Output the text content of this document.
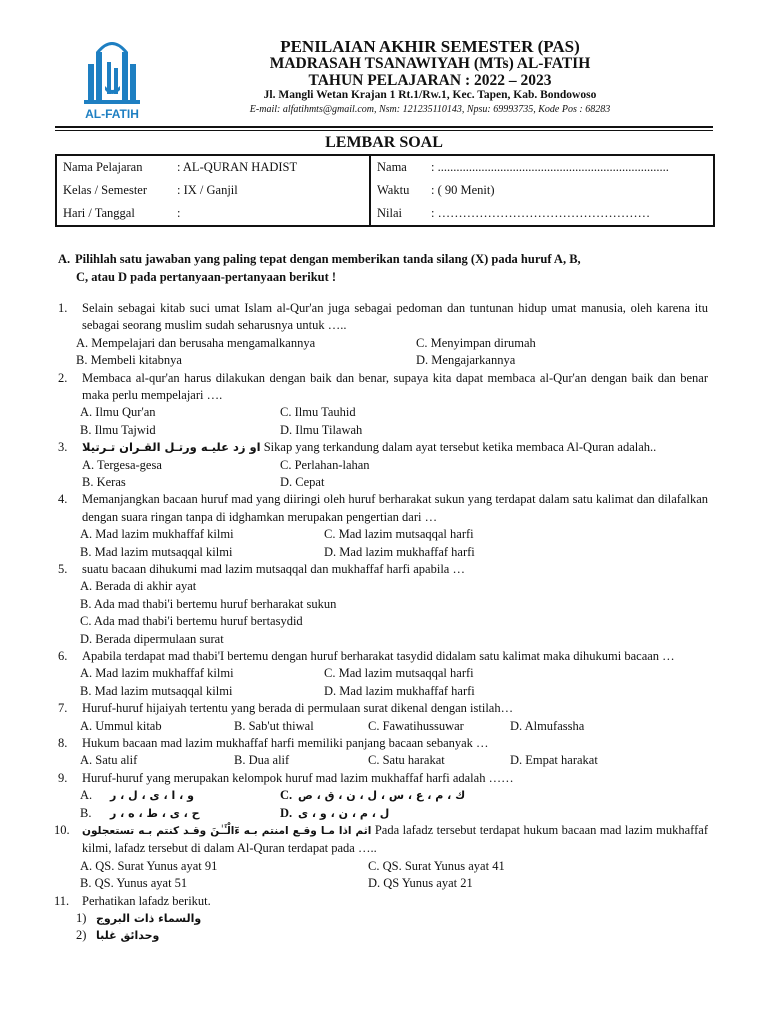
AL-FATIH
PENILAIAN AKHIR SEMESTER (PAS)
MADRASAH TSANAWIYAH (MTs) AL-FATIH
TAHUN PELAJARAN : 2022 – 2023
Jl. Mangli Wetan Krajan 1 Rt.1/Rw.1, Kec. Tapen, Kab. Bondowoso
E-mail: alfatihmts@gmail.com, Nsm: 121235110143, Npsu: 69993735, Kode Pos : 68283
LEMBAR SOAL
Nama Pelajaran : AL-QURAN HADIST	Nama : ..........................................................................
Kelas / Semester : IX / Ganjil	Waktu : ( 90 Menit)
Hari / Tanggal :	Nilai : ……………………………………………
A. Pilihlah satu jawaban yang paling tepat dengan memberikan tanda silang (X) pada huruf A, B,
C, atau D pada pertanyaan-pertanyaan berikut !
1.	Selain sebagai kitab suci umat Islam al-Qur'an juga sebagai pedoman dan tuntunan hidup umat manusia, oleh karena itu sebagai seorang muslim sudah seharusnya untuk …..
A. Mempelajari dan berusaha mengamalkannya	C. Menyimpan dirumah
B. Membeli kitabnya	D. Mengajarkannya
2.	Membaca al-qur'an harus dilakukan dengan baik dan benar, supaya kita dapat membaca al-Qur'an dengan baik dan benar maka perlu mempelajari ….
A. Ilmu Qur'an	C. Ilmu Tauhid
B. Ilmu Tajwid	D. Ilmu Tilawah
3.	او زد عليـه ورتـل القـران تـرتيلا Sikap yang terkandung dalam ayat tersebut ketika membaca Al-Quran adalah..
A. Tergesa-gesa	C. Perlahan-lahan
B. Keras	D. Cepat
4.	Memanjangkan bacaan huruf mad yang diiringi oleh huruf berharakat sukun yang terdapat dalam satu kalimat dan dilafalkan dengan suara ringan tanpa di idghamkan merupakan pengertian dari …
A. Mad lazim mukhaffaf kilmi	C. Mad lazim mutsaqqal harfi
B. Mad lazim mutsaqqal kilmi	D. Mad lazim mukhaffaf harfi
5.	suatu bacaan dihukumi mad lazim mutsaqqal dan mukhaffaf harfi apabila …
A. Berada di akhir ayat
B. Ada mad thabi'i bertemu huruf berharakat sukun
C. Ada mad thabi'i bertemu huruf bertasydid
D. Berada dipermulaan surat
6.	Apabila terdapat mad thabi'I bertemu dengan huruf berharakat tasydid didalam satu kalimat maka dihukumi bacaan …
A. Mad lazim mukhaffaf kilmi	C. Mad lazim mutsaqqal harfi
B. Mad lazim mutsaqqal kilmi	D. Mad lazim mukhaffaf harfi
7.	Huruf-huruf hijaiyah tertentu yang berada di permulaan surat dikenal dengan istilah…
A. Ummul kitab	B. Sab'ut thiwal	C. Fawatihussuwar	D. Almufassha
8.	Hukum bacaan mad lazim mukhaffaf harfi memiliki panjang bacaan sebanyak …
A. Satu alif	B. Dua alif	C. Satu harakat	D. Empat harakat
9.	Huruf-huruf yang merupakan kelompok huruf mad lazim mukhaffaf harfi adalah ……
A. و ، ا ، ى ، ل ، ر	C. ك ، م ، ع ، س ، ل ، ن ، ق ، ص
B. ح ، ى ، ط ، ه ، ر	D. ل ، م ، ن ، و ، ى
10.	اثم اذا مـا وقـع امنتم بـه ءٓالْـَٔـٰنَ وقـد كنتم بـه تستعجلون Pada lafadz tersebut terdapat hukum bacaan mad lazim mukhaffaf kilmi, lafadz tersebut di dalam Al-Quran terdapat pada …..
A. QS. Surat Yunus ayat 91	C. QS. Surat Yunus ayat 41
B. QS. Yunus ayat 51	D. QS Yunus ayat 21
11.	Perhatikan lafadz berikut.
1) والسماء ذات البروج
2) وحدائق غلبا
